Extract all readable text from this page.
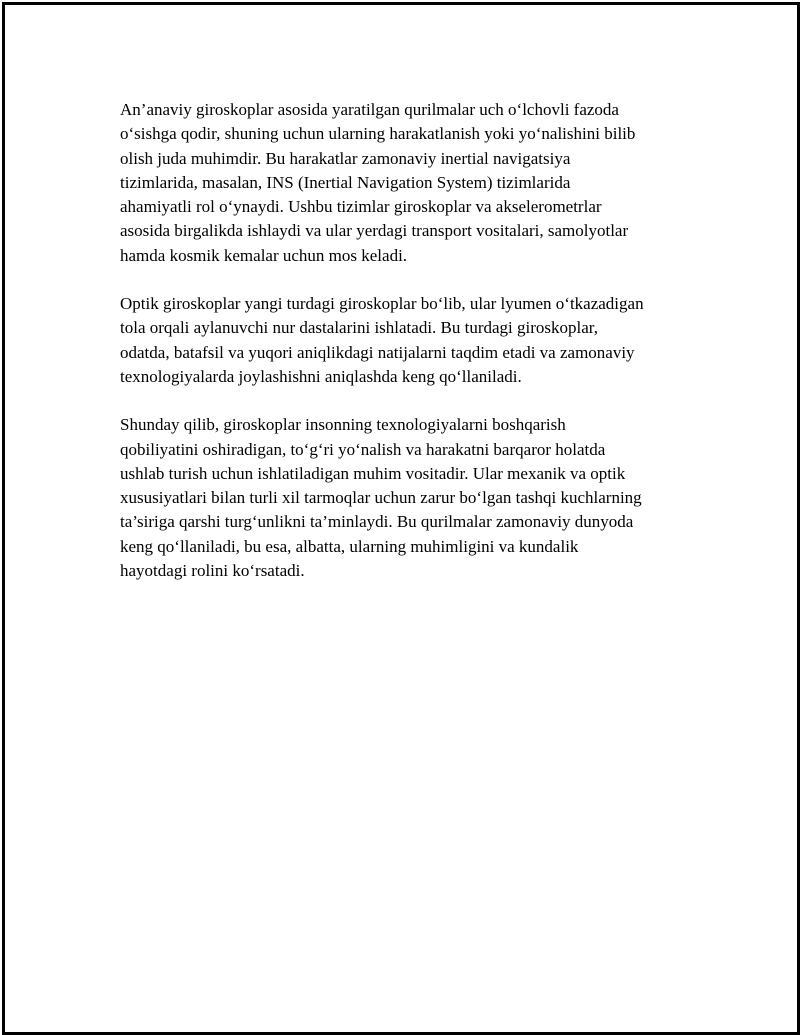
An’anaviy giroskoplar asosida yaratilgan qurilmalar uch o‘lchovli fazoda
o‘sishga qodir, shuning uchun ularning harakatlanish yoki yo‘nalishini bilib
olish juda muhimdir. Bu harakatlar zamonaviy inertial navigatsiya
tizimlarida, masalan, INS (Inertial Navigation System) tizimlarida
ahamiyatli rol o‘ynaydi. Ushbu tizimlar giroskoplar va akselerometrlar
asosida birgalikda ishlaydi va ular yerdagi transport vositalari, samolyotlar
hamda kosmik kemalar uchun mos keladi.

Optik giroskoplar yangi turdagi giroskoplar bo‘lib, ular lyumen o‘tkazadigan
tola orqali aylanuvchi nur dastalarini ishlatadi. Bu turdagi giroskoplar,
odatda, batafsil va yuqori aniqlikdagi natijalarni taqdim etadi va zamonaviy
texnologiyalarda joylashishni aniqlashda keng qo‘llaniladi.

Shunday qilib, giroskoplar insonning texnologiyalarni boshqarish
qobiliyatini oshiradigan, to‘g‘ri yo‘nalish va harakatni barqaror holatda
ushlab turish uchun ishlatiladigan muhim vositadir. Ular mexanik va optik
xususiyatlari bilan turli xil tarmoqlar uchun zarur bo‘lgan tashqi kuchlarning
ta’siriga qarshi turg‘unlikni ta’minlaydi. Bu qurilmalar zamonaviy dunyoda
keng qo‘llaniladi, bu esa, albatta, ularning muhimligini va kundalik
hayotdagi rolini ko‘rsatadi.
